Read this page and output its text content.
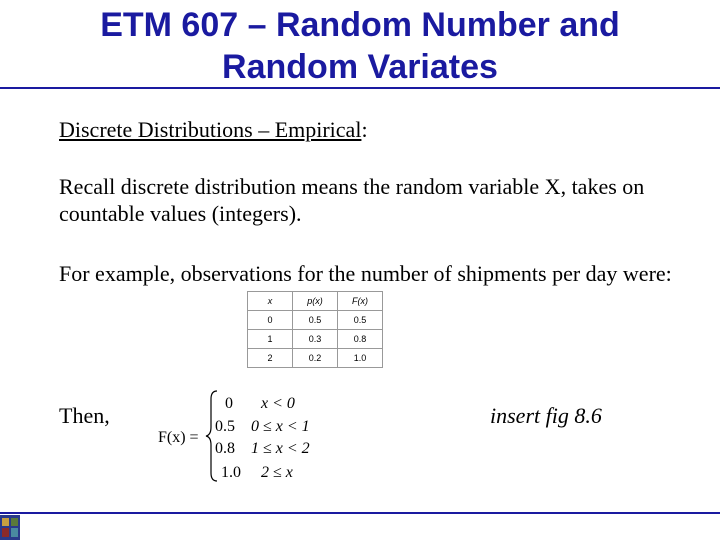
ETM 607 – Random Number and
Random Variates
Discrete Distributions – Empirical:
Recall discrete distribution means the random variable X, takes on countable values (integers).
For example, observations for the number of shipments per day were:
x	p(x)	F(x)
0	0.5	0.5
1	0.3	0.8
2	0.2	1.0
Then,
F(x) =
0 x < 0
0.5 0 ≤ x < 1
0.8 1 ≤ x < 2
1.0 2 ≤ x
insert fig 8.6
